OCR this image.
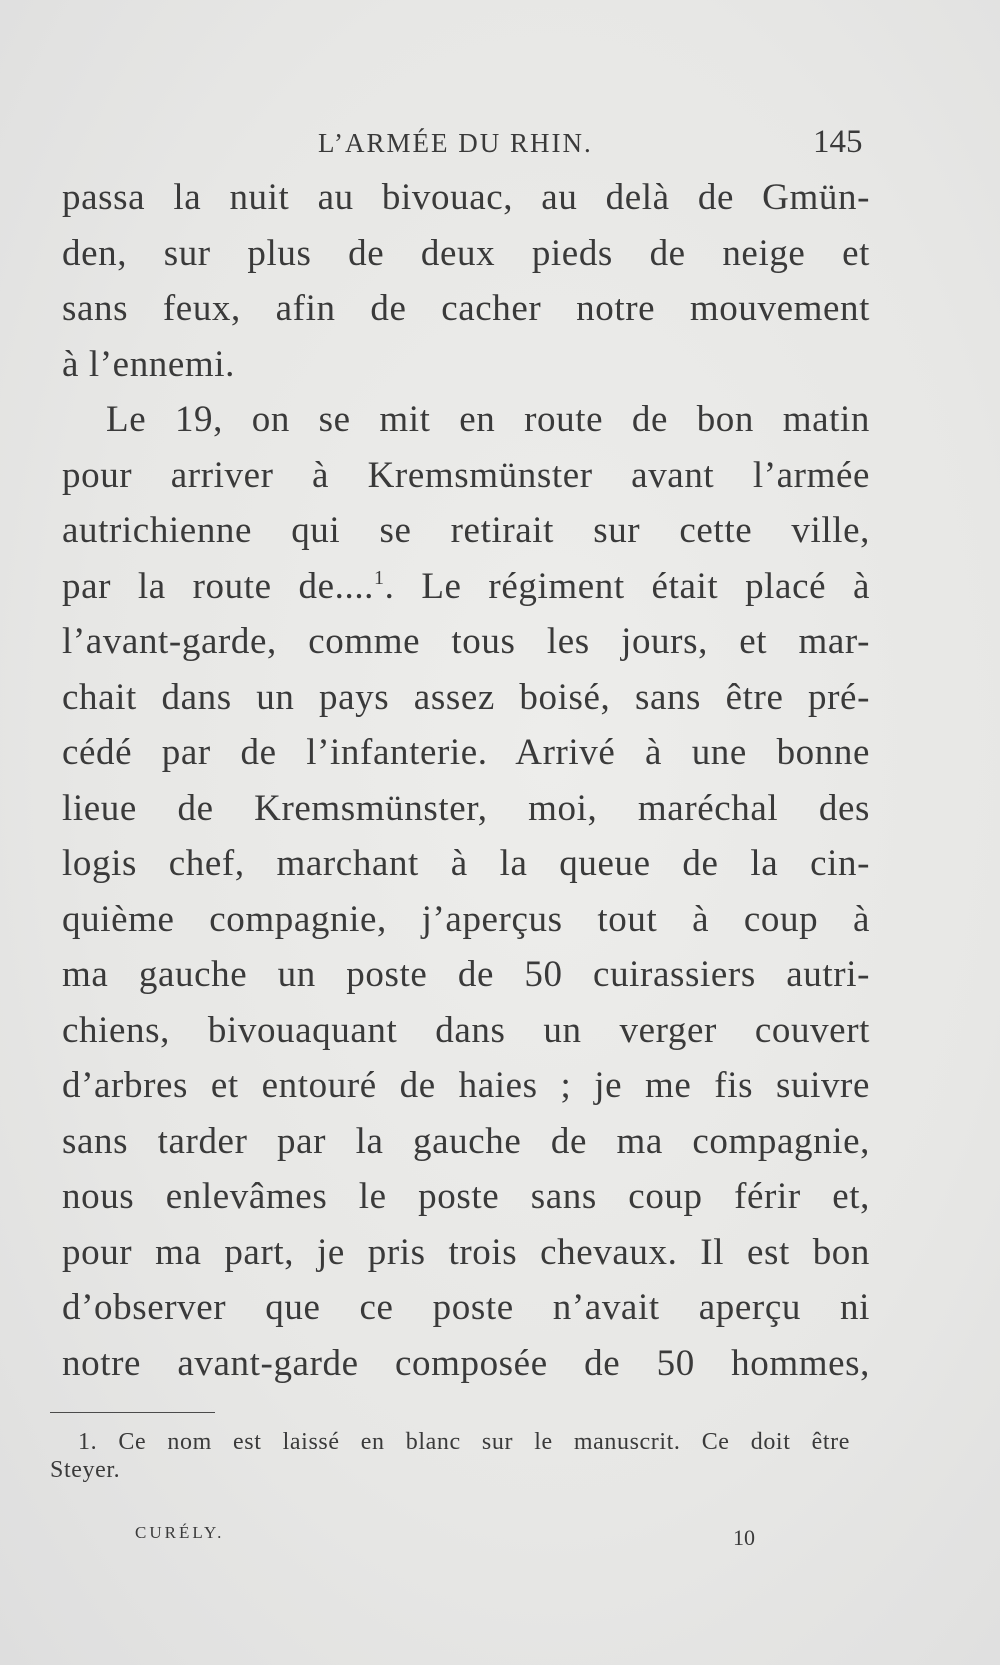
L’ARMÉE DU RHIN.	145
passa la nuit au bivouac, au delà de Gmün-
den, sur plus de deux pieds de neige et
sans feux, afin de cacher notre mouvement
à l’ennemi.
Le 19, on se mit en route de bon matin
pour arriver à Kremsmünster avant l’armée
autrichienne qui se retirait sur cette ville,
par la route de....$^1$. Le régiment était placé à
l’avant-garde, comme tous les jours, et mar-
chait dans un pays assez boisé, sans être pré-
cédé par de l’infanterie. Arrivé à une bonne
lieue de Kremsmünster, moi, maréchal des
logis chef, marchant à la queue de la cin-
quième compagnie, j’aperçus tout à coup à
ma gauche un poste de 50 cuirassiers autri-
chiens, bivouaquant dans un verger couvert
d’arbres et entouré de haies ; je me fis suivre
sans tarder par la gauche de ma compagnie,
nous enlevâmes le poste sans coup férir et,
pour ma part, je pris trois chevaux. Il est bon
d’observer que ce poste n’avait aperçu ni
notre avant-garde composée de 50 hommes,
1. Ce nom est laissé en blanc sur le manuscrit. Ce doit être
Steyer.
CURÉLY.	10
